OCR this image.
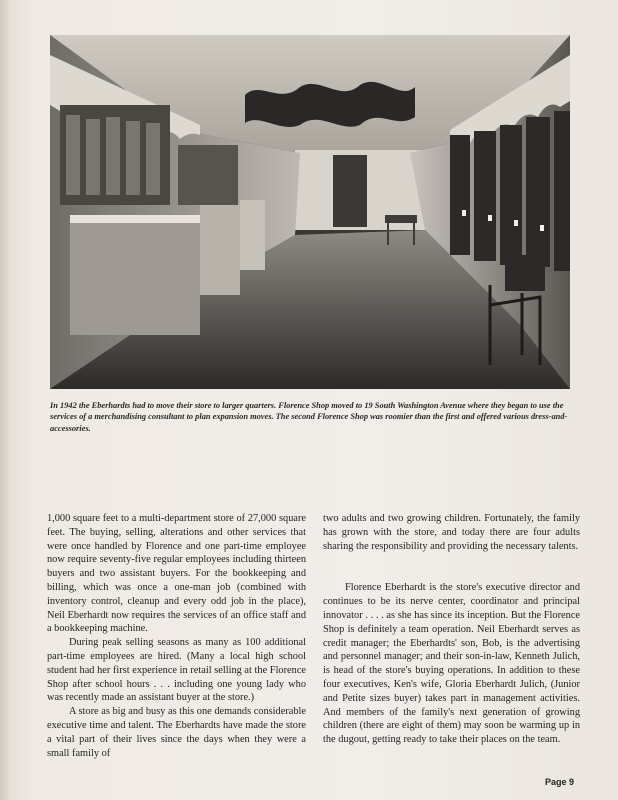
In 1942 the Eberhardts had to move their store to larger quarters. Florence Shop moved to 19 South Washington Avenue where they began to use the services of a merchandising consultant to plan expansion moves. The second Florence Shop was roomier than the first and offered various dress-and-accessories.

1,000 square feet to a multi-department store of 27,000 square feet. The buying, selling, alterations and other services that were once handled by Florence and one part-time employee now require seventy-five regular employees including thirteen buyers and two assistant buyers. For the bookkeeping and billing, which was once a one-man job (combined with inventory control, cleanup and every odd job in the place), Neil Eberhardt now requires the services of an office staff and a bookkeeping machine.

During peak selling seasons as many as 100 additional part-time employees are hired. (Many a local high school student had her first experience in retail selling at the Florence Shop after school hours . . . including one young lady who was recently made an assistant buyer at the store.)

A store as big and busy as this one demands considerable executive time and talent. The Eberhardts have made the store a vital part of their lives since the days when they were a small family of

two adults and two growing children. Fortunately, the family has grown with the store, and today there are four adults sharing the responsibility and providing the necessary talents.

Florence Eberhardt is the store's executive director and continues to be its nerve center, coordinator and principal innovator . . . . as she has since its inception. But the Florence Shop is definitely a team operation. Neil Eberhardt serves as credit manager; the Eberhardts' son, Bob, is the advertising and personnel manager; and their son-in-law, Kenneth Julich, is head of the store's buying operations. In addition to these four executives, Ken's wife, Gloria Eberhardt Julich, (Junior and Petite sizes buyer) takes part in management activities. And members of the family's next generation of growing children (there are eight of them) may soon be warming up in the dugout, getting ready to take their places on the team.

Page 9
